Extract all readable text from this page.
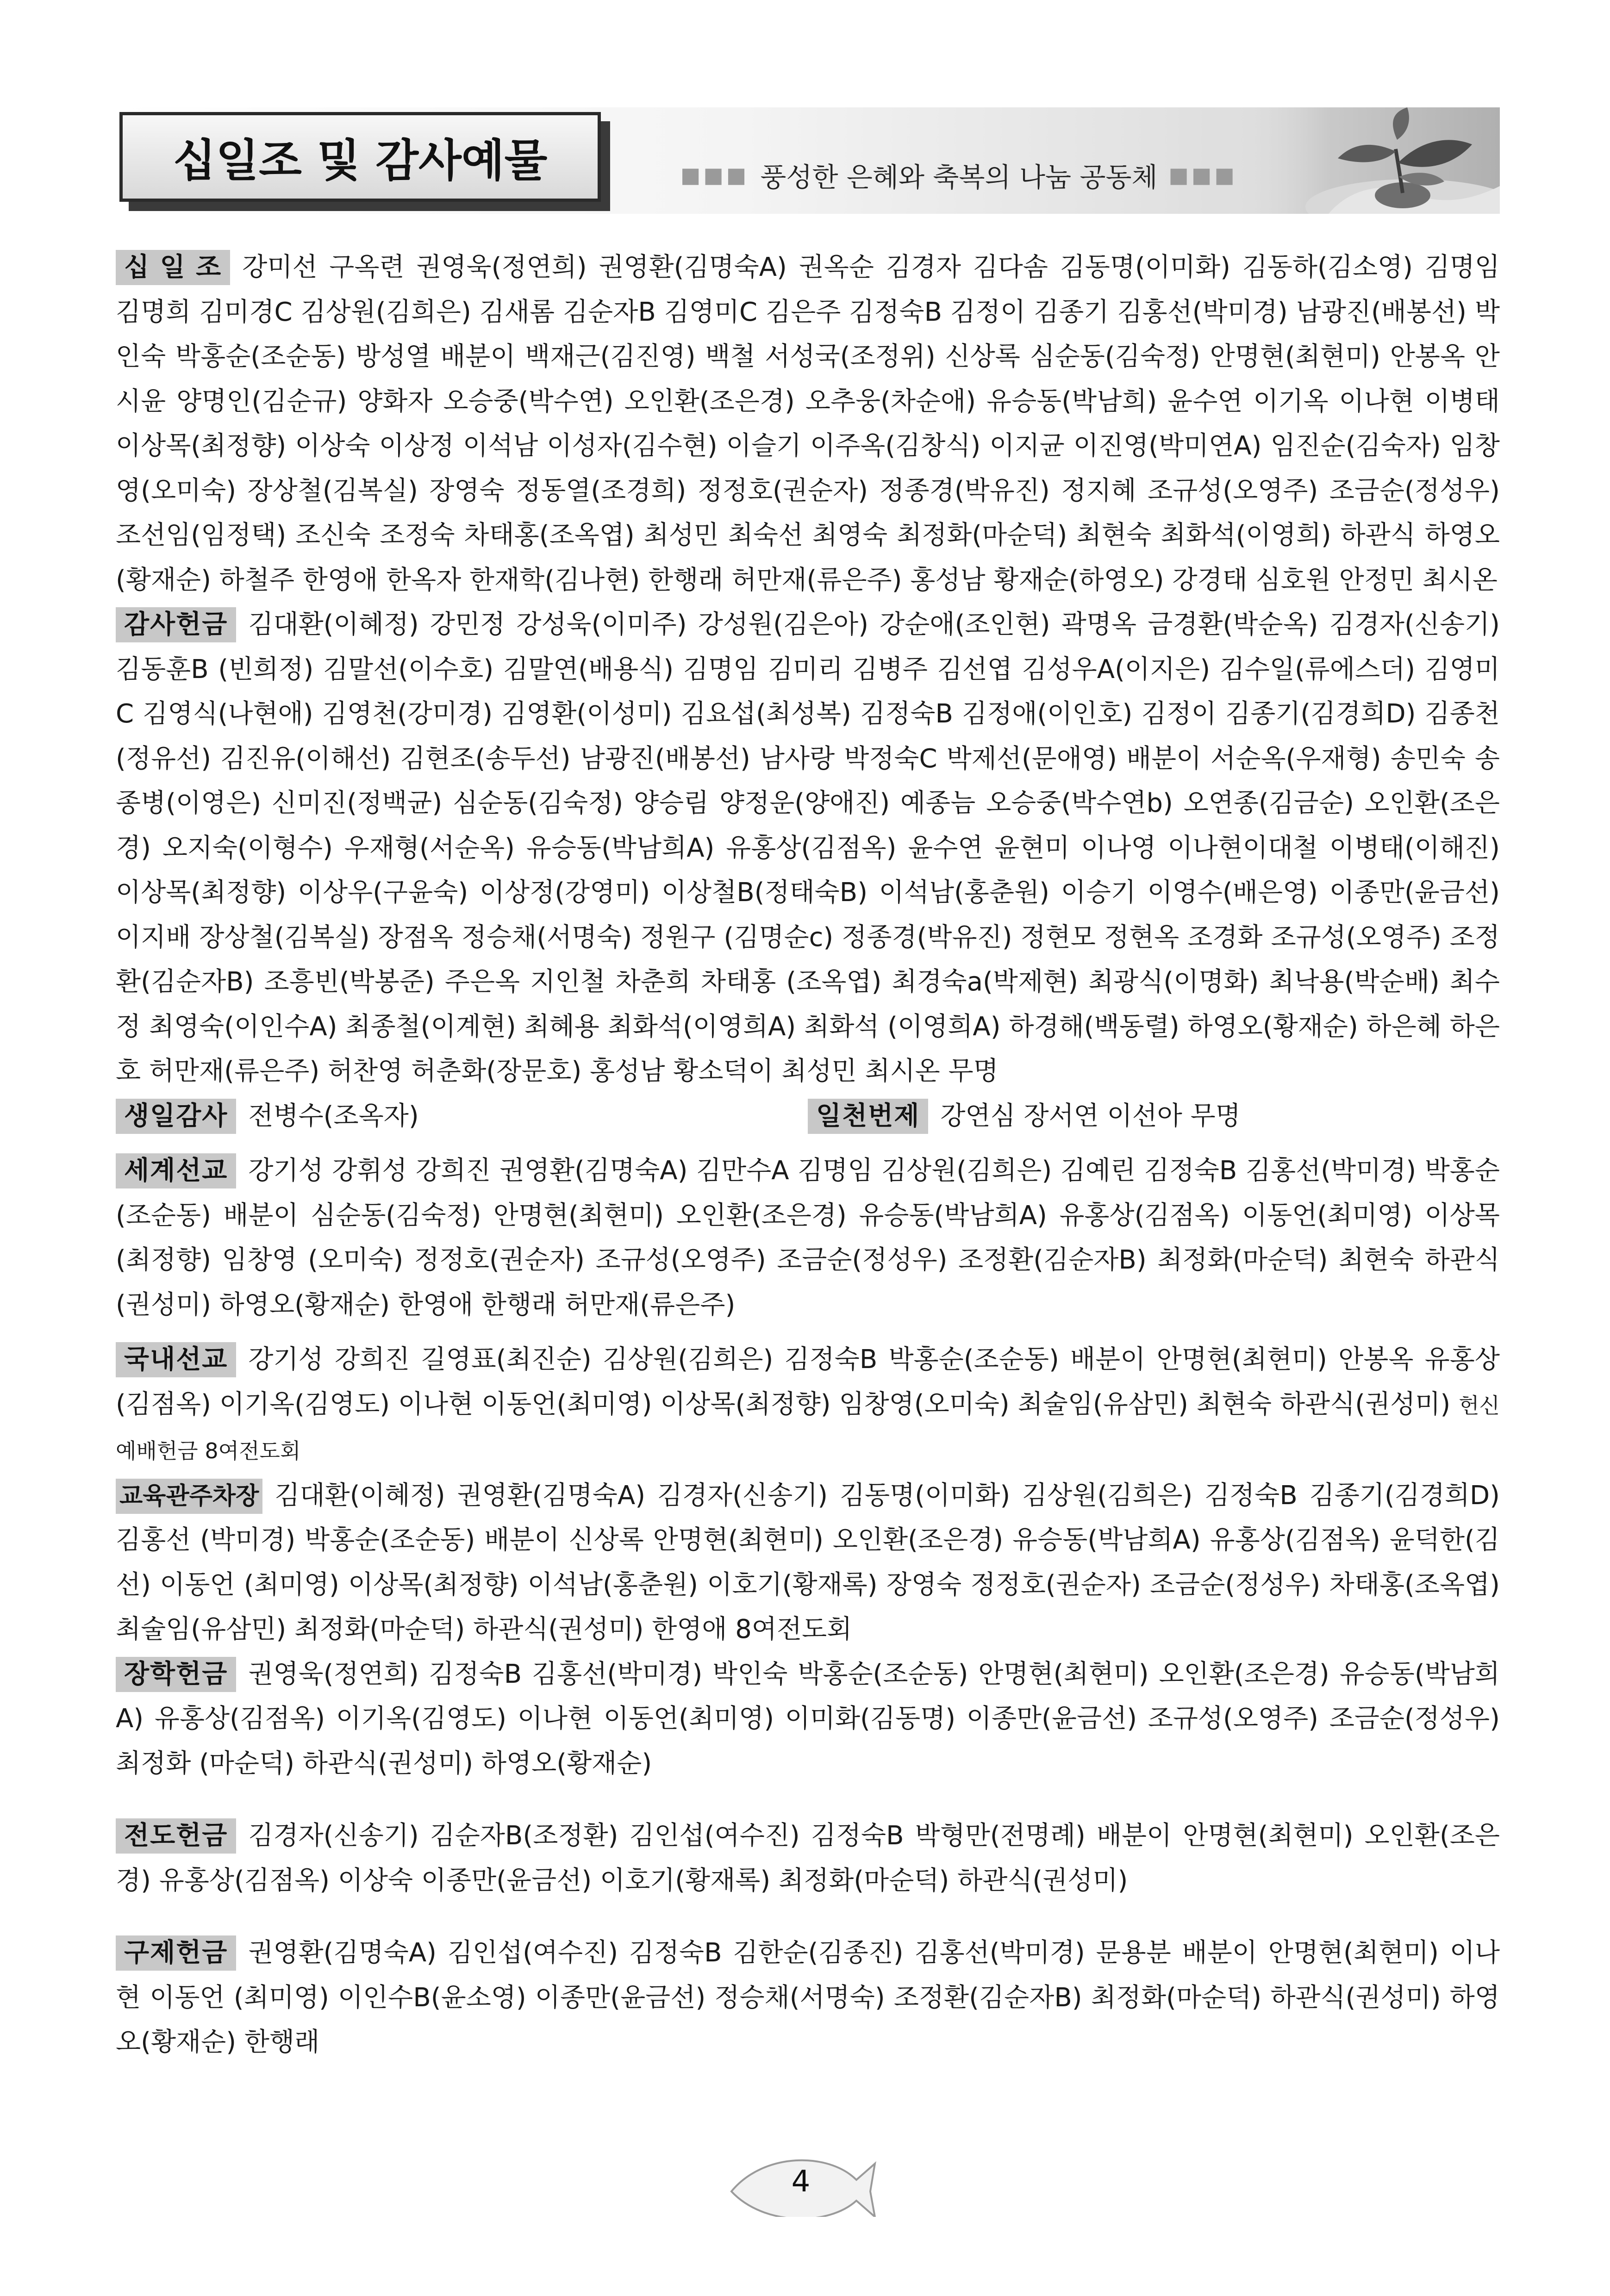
십일조 및 감사예물	■■■ 풍성한 은혜와 축복의 나눔 공동체 ■■■

십 일 조 강미선 구옥련 권영욱(정연희) 권영환(김명숙A) 권옥순 김경자 김다솜 김동명(이미화) 김동하(김소영) 김명임 김명희 김미경C 김상원(김희은) 김새롬 김순자B 김영미C 김은주 김정숙B 김정이 김종기 김홍선(박미경) 남광진(배봉선) 박인숙 박홍순(조순동) 방성열 배분이 백재근(김진영) 백철 서성국(조정위) 신상록 심순동(김숙정) 안명현(최현미) 안봉옥 안시윤 양명인(김순규) 양화자 오승중(박수연) 오인환(조은경) 오추웅(차순애) 유승동(박남희) 윤수연 이기옥 이나현 이병태 이상목(최정향) 이상숙 이상정 이석남 이성자(김수현) 이슬기 이주옥(김창식) 이지균 이진영(박미연A) 임진순(김숙자) 임창영(오미숙) 장상철(김복실) 장영숙 정동열(조경희) 정정호(권순자) 정종경(박유진) 정지혜 조규성(오영주) 조금순(정성우) 조선임(임정택) 조신숙 조정숙 차태홍(조옥엽) 최성민 최숙선 최영숙 최정화(마순덕) 최현숙 최화석(이영희) 하관식 하영오(황재순) 하철주 한영애 한옥자 한재학(김나현) 한행래 허만재(류은주) 홍성남 황재순(하영오) 강경태 심호원 안정민 최시온

감사헌금 김대환(이혜정) 강민정 강성욱(이미주) 강성원(김은아) 강순애(조인현) 곽명옥 금경환(박순옥) 김경자(신송기) 김동훈B (빈희정) 김말선(이수호) 김말연(배용식) 김명임 김미리 김병주 김선엽 김성우A(이지은) 김수일(류에스더) 김영미C 김영식(나현애) 김영천(강미경) 김영환(이성미) 김요섭(최성복) 김정숙B 김정애(이인호) 김정이 김종기(김경희D) 김종천(정유선) 김진유(이해선) 김현조(송두선) 남광진(배봉선) 남사랑 박정숙C 박제선(문애영) 배분이 서순옥(우재형) 송민숙 송종병(이영은) 신미진(정백균) 심순동(김숙정) 양승림 양정운(양애진) 예종늠 오승중(박수연b) 오연종(김금순) 오인환(조은경) 오지숙(이형수) 우재형(서순옥) 유승동(박남희A) 유홍상(김점옥) 윤수연 윤현미 이나영 이나현이대철 이병태(이해진) 이상목(최정향) 이상우(구윤숙) 이상정(강영미) 이상철B(정태숙B) 이석남(홍춘원) 이승기 이영수(배은영) 이종만(윤금선) 이지배 장상철(김복실) 장점옥 정승채(서명숙) 정원구 (김명순c) 정종경(박유진) 정현모 정현옥 조경화 조규성(오영주) 조정환(김순자B) 조흥빈(박봉준) 주은옥 지인철 차춘희 차태홍 (조옥엽) 최경숙a(박제현) 최광식(이명화) 최낙용(박순배) 최수정 최영숙(이인수A) 최종철(이계현) 최혜용 최화석(이영희A) 최화석 (이영희A) 하경해(백동렬) 하영오(황재순) 하은혜 하은호 허만재(류은주) 허찬영 허춘화(장문호) 홍성남 황소덕이 최성민 최시온 무명

생일감사 전병수(조옥자)	일천번제 강연심 장서연 이선아 무명

세계선교 강기성 강휘성 강희진 권영환(김명숙A) 김만수A 김명임 김상원(김희은) 김예린 김정숙B 김홍선(박미경) 박홍순(조순동) 배분이 심순동(김숙정) 안명현(최현미) 오인환(조은경) 유승동(박남희A) 유홍상(김점옥) 이동언(최미영) 이상목(최정향) 임창영 (오미숙) 정정호(권순자) 조규성(오영주) 조금순(정성우) 조정환(김순자B) 최정화(마순덕) 최현숙 하관식(권성미) 하영오(황재순) 한영애 한행래 허만재(류은주)

국내선교 강기성 강희진 길영표(최진순) 김상원(김희은) 김정숙B 박홍순(조순동) 배분이 안명현(최현미) 안봉옥 유홍상(김점옥) 이기옥(김영도) 이나현 이동언(최미영) 이상목(최정향) 임창영(오미숙) 최술임(유삼민) 최현숙 하관식(권성미) 헌신예배헌금 8여전도회

교육관주차장 김대환(이혜정) 권영환(김명숙A) 김경자(신송기) 김동명(이미화) 김상원(김희은) 김정숙B 김종기(김경희D) 김홍선 (박미경) 박홍순(조순동) 배분이 신상록 안명현(최현미) 오인환(조은경) 유승동(박남희A) 유홍상(김점옥) 윤덕한(김선) 이동언 (최미영) 이상목(최정향) 이석남(홍춘원) 이호기(황재록) 장영숙 정정호(권순자) 조금순(정성우) 차태홍(조옥엽) 최술임(유삼민) 최정화(마순덕) 하관식(권성미) 한영애 8여전도회

장학헌금 권영욱(정연희) 김정숙B 김홍선(박미경) 박인숙 박홍순(조순동) 안명현(최현미) 오인환(조은경) 유승동(박남희A) 유홍상(김점옥) 이기옥(김영도) 이나현 이동언(최미영) 이미화(김동명) 이종만(윤금선) 조규성(오영주) 조금순(정성우) 최정화 (마순덕) 하관식(권성미) 하영오(황재순)

전도헌금 김경자(신송기) 김순자B(조정환) 김인섭(여수진) 김정숙B 박형만(전명례) 배분이 안명현(최현미) 오인환(조은경) 유홍상(김점옥) 이상숙 이종만(윤금선) 이호기(황재록) 최정화(마순덕) 하관식(권성미)

구제헌금 권영환(김명숙A) 김인섭(여수진) 김정숙B 김한순(김종진) 김홍선(박미경) 문용분 배분이 안명현(최현미) 이나현 이동언 (최미영) 이인수B(윤소영) 이종만(윤금선) 정승채(서명숙) 조정환(김순자B) 최정화(마순덕) 하관식(권성미) 하영오(황재순) 한행래

4
